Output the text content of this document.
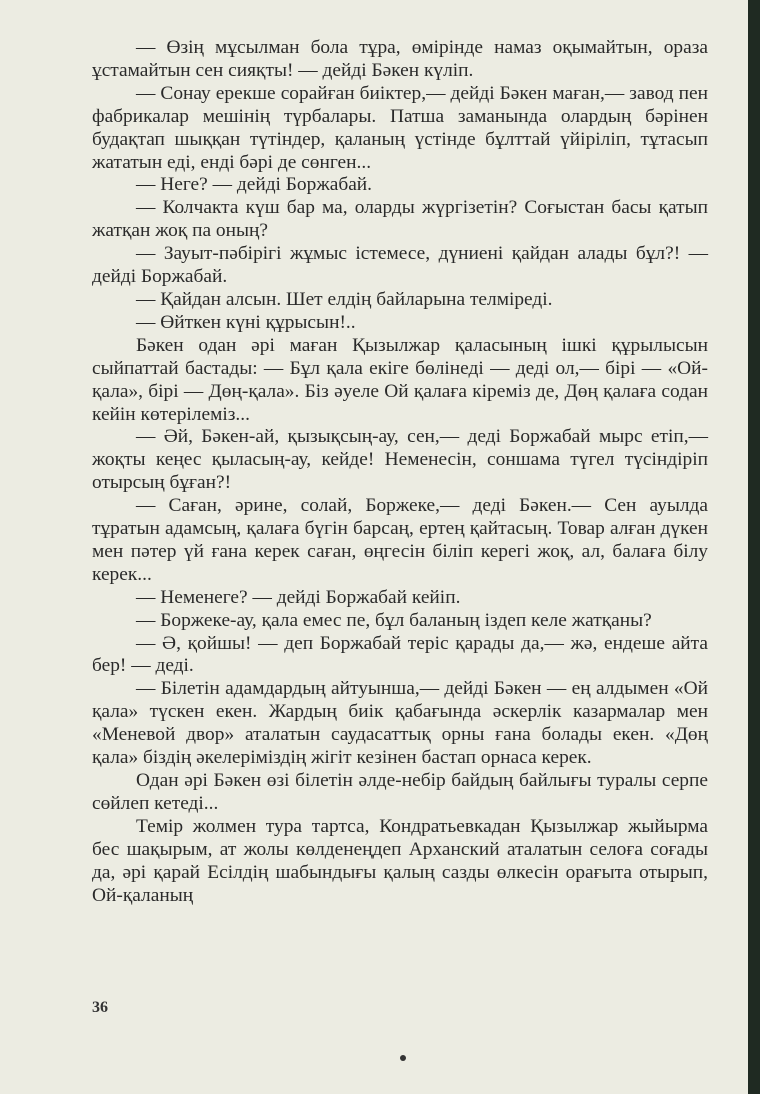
— Өзің мұсылман бола тұра, өмірінде намаз оқымайтын, ораза ұстамайтын сен сияқты! — дейді Бәкен күліп.

— Сонау ерекше сорайған биіктер,— дейді Бәкен маған,— завод пен фабрикалар мешінің түрбалары. Патша заманында олардың бәрінен будақтап шыққан түтіндер, қаланың үстінде бұлттай үйіріліп, тұтасып жататын еді, енді бәрі де сөнген...

— Неге? — дейді Боржабай.

— Колчакта күш бар ма, оларды жүргізетін? Соғыстан басы қатып жатқан жоқ па оның?

— Зауыт-пәбірігі жұмыс істемесе, дүниені қайдан алады бұл?! — дейді Боржабай.

— Қайдан алсын. Шет елдің байларына телміреді.

— Өйткен күні құрысын!..

Бәкен одан әрі маған Қызылжар қаласының ішкі құрылысын сыйпаттай бастады: — Бұл қала екіге бөлінеді — деді ол,— бірі — «Ой-қала», бірі — Дөң-қала». Біз әуеле Ой қалаға кіреміз де, Дөң қалаға содан кейін көтерілеміз...

— Әй, Бәкен-ай, қызықсың-ау, сен,— деді Боржабай мырс етіп,— жоқты кеңес қыласың-ау, кейде! Неменесін, соншама түгел түсіндіріп отырсың бұған?!

— Саған, әрине, солай, Боржеке,— деді Бәкен.— Сен ауылда тұратын адамсың, қалаға бүгін барсаң, ертең қайтасың. Товар алған дүкен мен пәтер үй ғана керек саған, өңгесін біліп керегі жоқ, ал, балаға білу керек...

— Неменеге? — дейді Боржабай кейіп.

— Боржеке-ау, қала емес пе, бұл баланың іздеп келе жатқаны?

— Ә, қойшы! — деп Боржабай теріс қарады да,— жә, ендеше айта бер! — деді.

— Білетін адамдардың айтуынша,— дейді Бәкен — ең алдымен «Ой қала» түскен екен. Жардың биік қабағында әскерлік казармалар мен «Меневой двор» аталатын саудасаттық орны ғана болады екен. «Дөң қала» біздің әкелеріміздің жігіт кезінен бастап орнаса керек.

Одан әрі Бәкен өзі білетін әлде-небір байдың байлығы туралы серпе сөйлеп кетеді...

Темір жолмен тура тартса, Кондратьевкадан Қызылжар жыйырма бес шақырым, ат жолы көлденеңдеп Арханский аталатын селоға соғады да, әрі қарай Есілдің шабындығы қалың сазды өлкесін орағыта отырып, Ой-қаланың

36
